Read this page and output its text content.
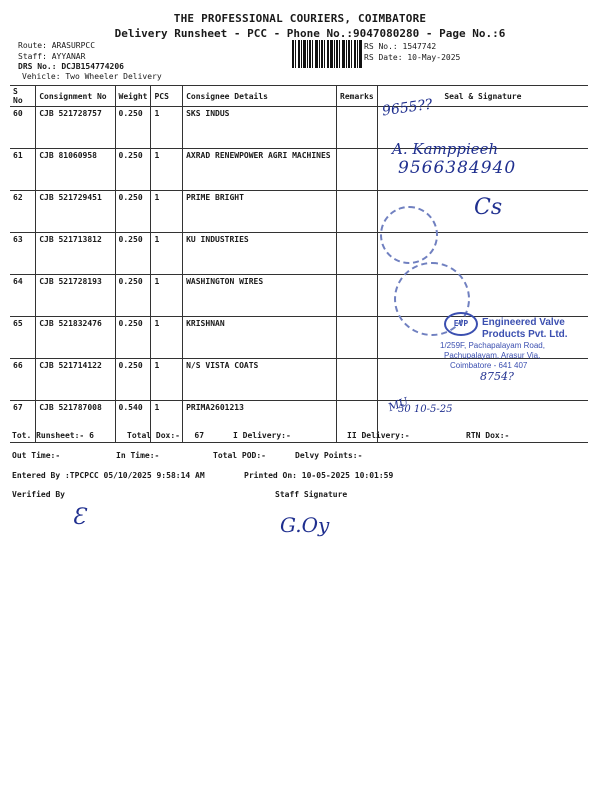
THE PROFESSIONAL COURIERS, COIMBATORE
Delivery Runsheet - PCC - Phone No.:9047080280 - Page No.:6
Route: ARASURPCC
Staff: AYYANAR
DRS No.: DCJB154774206
Vehicle: Two Wheeler Delivery
RS No.: 1547742
RS Date: 10-May-2025
S No	Consignment No	Weight	PCS	Consignee Details	Remarks	Seal & Signature
60	CJB 521728757	0.250	1	SKS INDUS		
61	CJB 81060958	0.250	1	AXRAD RENEWPOWER AGRI MACHINES		
62	CJB 521729451	0.250	1	PRIME BRIGHT		
63	CJB 521713812	0.250	1	KU INDUSTRIES		
64	CJB 521728193	0.250	1	WASHINGTON WIRES		
65	CJB 521832476	0.250	1	KRISHNAN		
66	CJB 521714122	0.250	1	N/S VISTA COATS		
67	CJB 521787008	0.540	1	PRIMA2601213		
9655??
A. Kamppieeh
9566384940
Cs
EVP	Engineered Valve
Products Pvt. Ltd.
1/259F, Pachapalayam Road,
Pachupalayam, Arasur Via,
Coimbatore - 641 407
8754?
MU
50 10-5-25
Tot. Runsheet:- 6	Total Dox:-   67	I Delivery:-	II Delivery:-	RTN Dox:-
Out Time:-	In Time:-	Total POD:-	Delvy Points:-
Entered By :TPCPCC 05/10/2025 9:58:14 AM	Printed On: 10-05-2025 10:01:59
Verified By	Staff Signature
Ɛ	G.Oy
